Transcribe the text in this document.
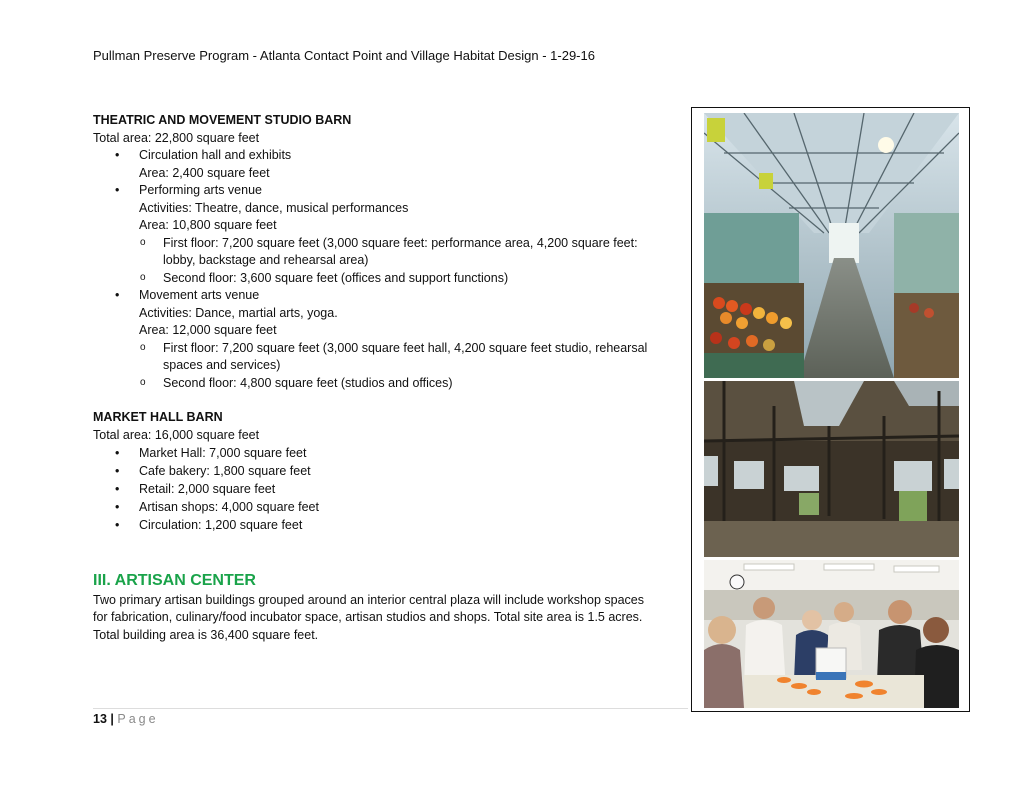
Pullman Preserve Program - Atlanta Contact Point and Village Habitat Design - 1-29-16
THEATRIC AND MOVEMENT STUDIO BARN
Total area: 22,800 square feet
• Circulation hall and exhibits
Area: 2,400 square feet
• Performing arts venue
Activities: Theatre, dance, musical performances
Area: 10,800 square feet
o First floor: 7,200 square feet (3,000 square feet: performance area, 4,200 square feet:
lobby, backstage and rehearsal area)
o Second floor: 3,600 square feet (offices and support functions)
• Movement arts venue
Activities: Dance, martial arts, yoga.
Area: 12,000 square feet
o First floor: 7,200 square feet (3,000 square feet hall, 4,200 square feet studio, rehearsal
spaces and services)
o Second floor: 4,800 square feet (studios and offices)
MARKET HALL BARN
Total area: 16,000 square feet
• Market Hall: 7,000 square feet
• Cafe bakery: 1,800 square feet
• Retail: 2,000 square feet
• Artisan shops: 4,000 square feet
• Circulation: 1,200 square feet
III. ARTISAN CENTER
Two primary artisan buildings grouped around an interior central plaza will include workshop spaces
for fabrication, culinary/food incubator space, artisan studios and shops. Total site area is 1.5 acres.
Total building area is 36,400 square feet.
13 | Page
